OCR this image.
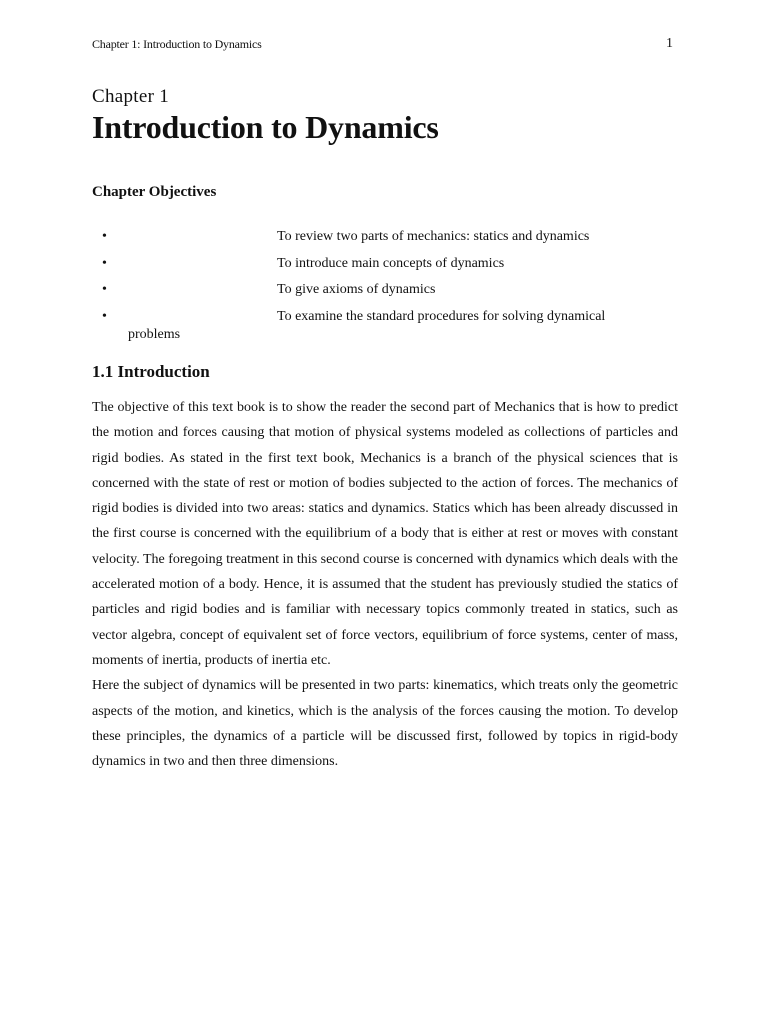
Chapter 1: Introduction to Dynamics	1
Chapter 1
Introduction to Dynamics
Chapter Objectives
•	To review two parts of mechanics: statics and dynamics
•	To introduce main concepts of dynamics
•	To give axioms of dynamics
•	To examine the standard procedures for solving dynamical
problems
1.1 Introduction

The objective of this text book is to show the reader the second part of Mechanics that is how to predict the motion and forces causing that motion of physical systems modeled as collections of particles and rigid bodies. As stated in the first text book, Mechanics is a branch of the physical sciences that is concerned with the state of rest or motion of bodies subjected to the action of forces. The mechanics of rigid bodies is divided into two areas: statics and dynamics. Statics which has been already discussed in the first course is concerned with the equilibrium of a body that is either at rest or moves with constant velocity. The foregoing treatment in this second course is concerned with dynamics which deals with the accelerated motion of a body. Hence, it is assumed that the student has previously studied the statics of particles and rigid bodies and is familiar with necessary topics commonly treated in statics, such as vector algebra, concept of equivalent set of force vectors, equilibrium of force systems, center of mass, moments of inertia, products of inertia etc.

Here the subject of dynamics will be presented in two parts: kinematics, which treats only the geometric aspects of the motion, and kinetics, which is the analysis of the forces causing the motion. To develop these principles, the dynamics of a particle will be discussed first, followed by topics in rigid-body dynamics in two and then three dimensions.
